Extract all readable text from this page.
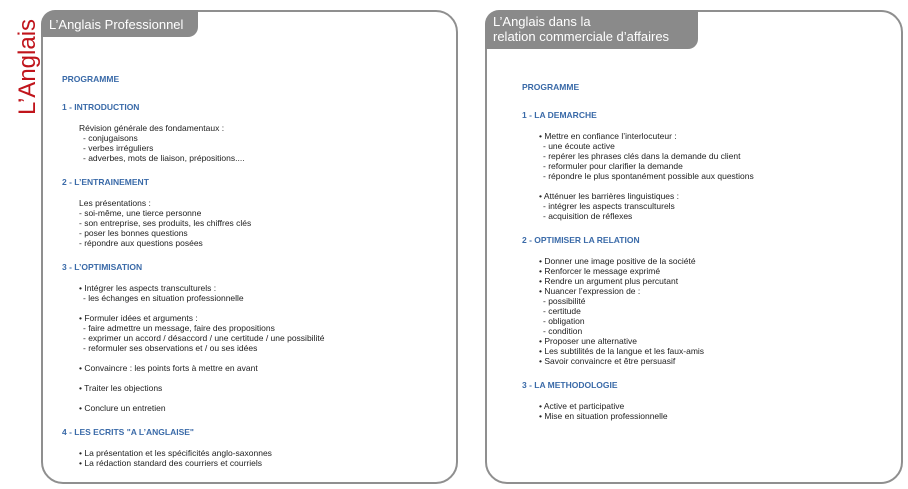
L’Anglais L’Anglais Professionnel
PROGRAMME
1 - INTRODUCTION

Révision générale des fondamentaux :

- conjugaisons

- verbes irréguliers

- adverbes, mots de liaison, prépositions....

2 - L’ENTRAINEMENT

Les présentations :

- soi-même, une tierce personne

- son entreprise, ses produits, les chiffres clés

- poser les bonnes questions

- répondre aux questions posées

3 - L’OPTIMISATION

• Intégrer les aspects transculturels :

- les échanges en situation professionnelle

• Formuler idées et arguments :

- faire admettre un message, faire des propositions

- exprimer un accord / désaccord / une certitude / une possibilité

- reformuler ses observations et / ou ses idées

• Convaincre : les points forts à mettre en avant

• Traiter les objections

• Conclure un entretien

4 - LES ECRITS "A L’ANGLAISE"

• La présentation et les spécificités anglo-saxonnes

• La rédaction standard des courriers et courriels

L’Anglais dans la
relation commerciale d’affaires
PROGRAMME
1 - LA DEMARCHE

• Mettre en confiance l’interlocuteur :

- une écoute active

- repérer les phrases clés dans la demande du client

- reformuler pour clarifier la demande

- répondre le plus spontanément possible aux questions

• Atténuer les barrières linguistiques :

- intégrer les aspects transculturels

- acquisition de réflexes

2 - OPTIMISER LA RELATION

• Donner une image positive de la société

• Renforcer le message exprimé

• Rendre un argument plus percutant

• Nuancer l’expression de :

- possibilité

- certitude

- obligation

- condition

• Proposer une alternative

• Les subtilités de la langue et les faux-amis

• Savoir convaincre et être persuasif

3 - LA METHODOLOGIE

• Active et participative

• Mise en situation professionnelle
